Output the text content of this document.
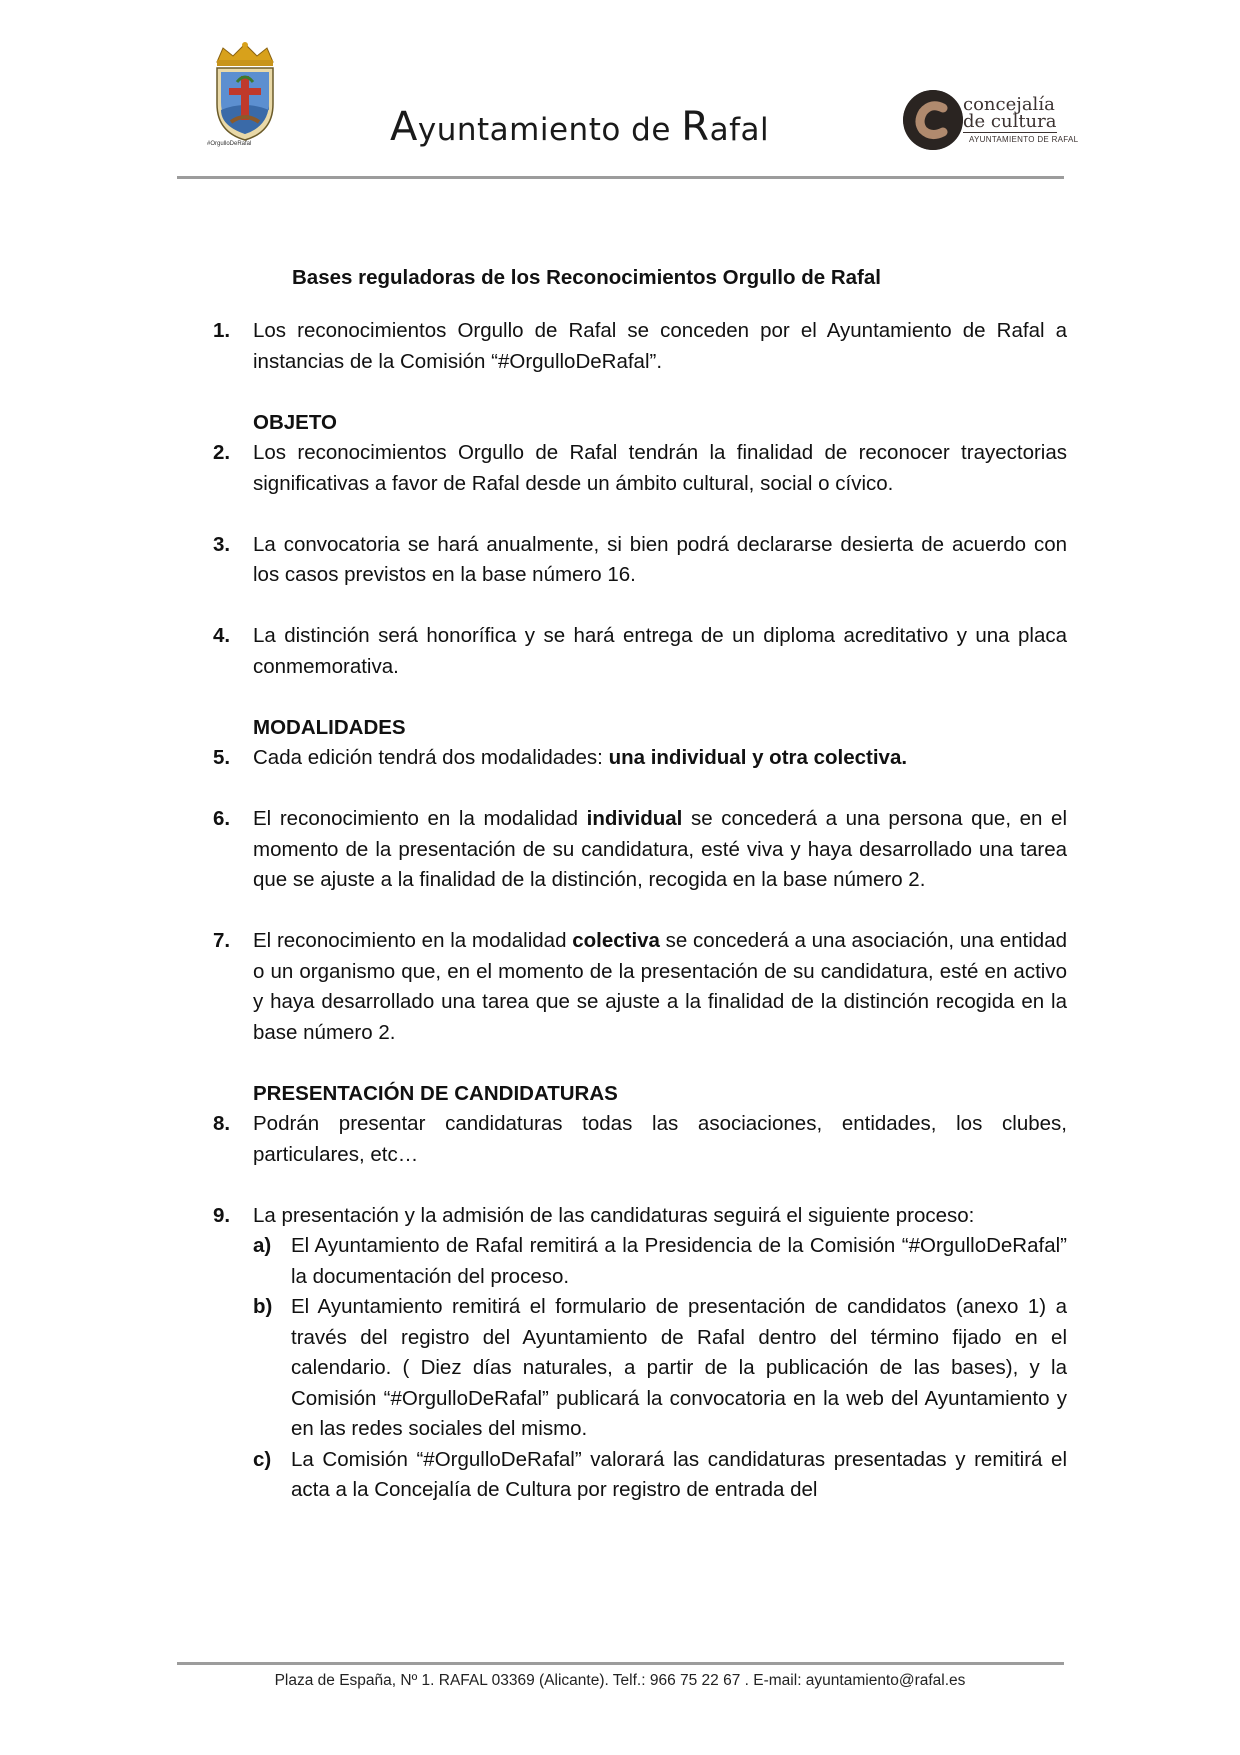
#OrgulloDeRafal	Ayuntamiento de Rafal
concejalía
de cultura
AYUNTAMIENTO DE RAFAL
Bases reguladoras de los Reconocimientos Orgullo de Rafal
1. Los reconocimientos Orgullo de Rafal se conceden por el Ayuntamiento de Rafal a instancias de la Comisión “#OrgulloDeRafal”.
OBJETO
2. Los reconocimientos Orgullo de Rafal tendrán la finalidad de reconocer trayectorias significativas a favor de Rafal desde un ámbito cultural, social o cívico.
3. La convocatoria se hará anualmente, si bien podrá declararse desierta de acuerdo con los casos previstos en la base número 16.
4. La distinción será honorífica y se hará entrega de un diploma acreditativo y una placa conmemorativa.
MODALIDADES
5. Cada edición tendrá dos modalidades: una individual y otra colectiva.
6. El reconocimiento en la modalidad individual se concederá a una persona que, en el momento de la presentación de su candidatura, esté viva y haya desarrollado una tarea que se ajuste a la finalidad de la distinción, recogida en la base número 2.
7. El reconocimiento en la modalidad colectiva se concederá a una asociación, una entidad o un organismo que, en el momento de la presentación de su candidatura, esté en activo y haya desarrollado una tarea que se ajuste a la finalidad de la distinción recogida en la base número 2.
PRESENTACIÓN DE CANDIDATURAS
8. Podrán presentar candidaturas todas las asociaciones, entidades, los clubes, particulares, etc…
9. La presentación y la admisión de las candidaturas seguirá el siguiente proceso:
a) El Ayuntamiento de Rafal remitirá a la Presidencia de la Comisión “#OrgulloDeRafal” la documentación del proceso.
b) El Ayuntamiento remitirá el formulario de presentación de candidatos (anexo 1) a través del registro del Ayuntamiento de Rafal dentro del término fijado en el calendario. ( Diez días naturales, a partir de la publicación de las bases), y la Comisión “#OrgulloDeRafal” publicará la convocatoria en la web del Ayuntamiento y en las redes sociales del mismo.
c) La Comisión “#OrgulloDeRafal” valorará las candidaturas presentadas y remitirá el acta a la Concejalía de Cultura por registro de entrada del
Plaza de España, Nº 1. RAFAL 03369 (Alicante). Telf.: 966 75 22 67 . E-mail: ayuntamiento@rafal.es
